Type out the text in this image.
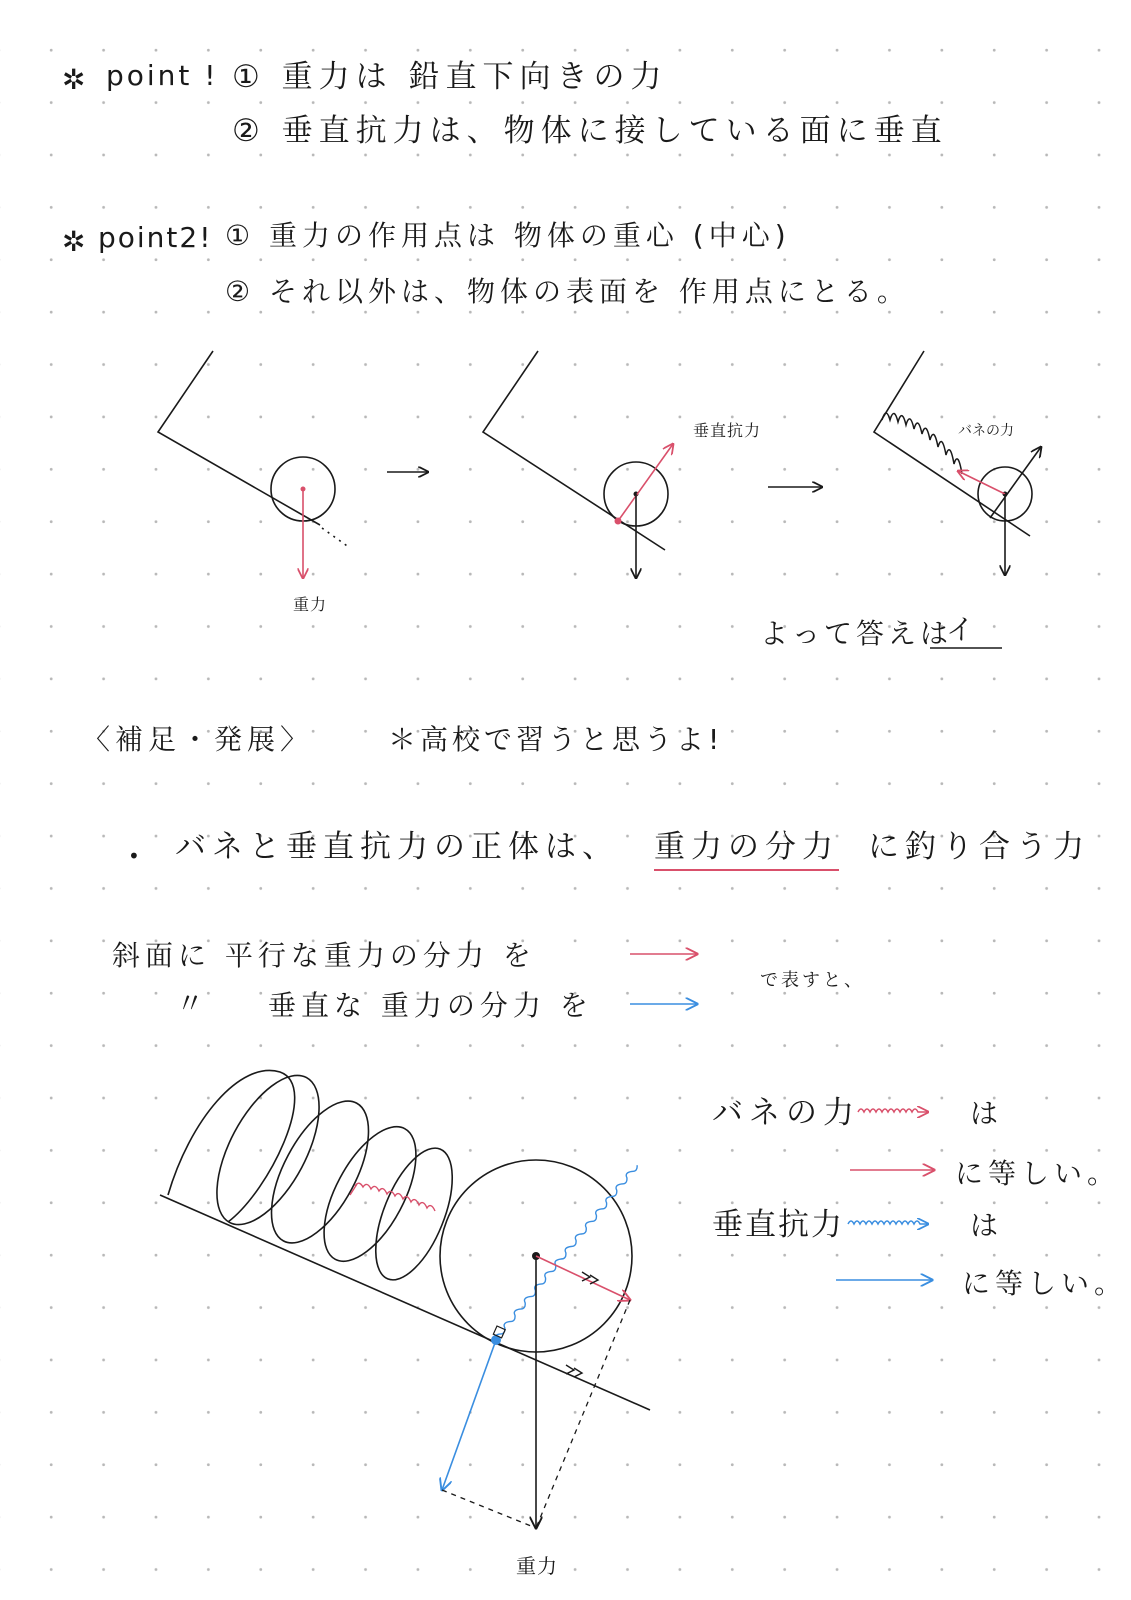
✲ point ! ① 重力は 鉛直下向きの力
② 垂直抗力は、物体に接している面に垂直
✲ point2! ① 重力の作用点は 物体の重心 (中心)
② それ以外は、物体の表面を 作用点にとる。
重力
垂直抗力	バネの力
よって答えは
イ
〈補足・発展〉	＊高校で習うと思うよ!
• バネと垂直抗力の正体は、 重力の分力 に釣り合う力
斜面に 平行な重力の分力 を
〃 垂直な 重力の分力 を
で表すと、
バネの力	は
に等しい。
垂直抗力	は
に等しい。
重力
